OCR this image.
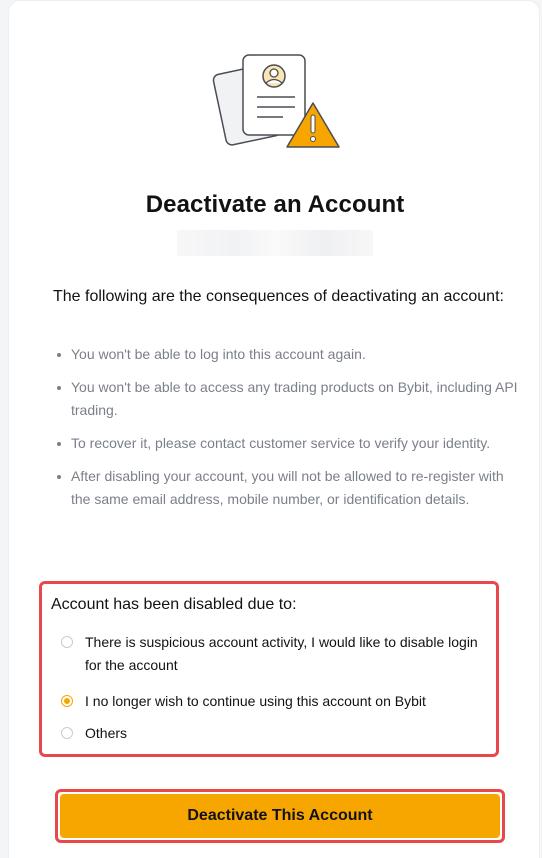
Deactivate an Account
The following are the consequences of deactivating an account:
You won't be able to log into this account again.
You won't be able to access any trading products on Bybit, including API trading.
To recover it, please contact customer service to verify your identity.
After disabling your account, you will not be allowed to re-register with the same email address, mobile number, or identification details.
Account has been disabled due to:
There is suspicious account activity, I would like to disable login for the account
I no longer wish to continue using this account on Bybit
Others
Deactivate This Account
